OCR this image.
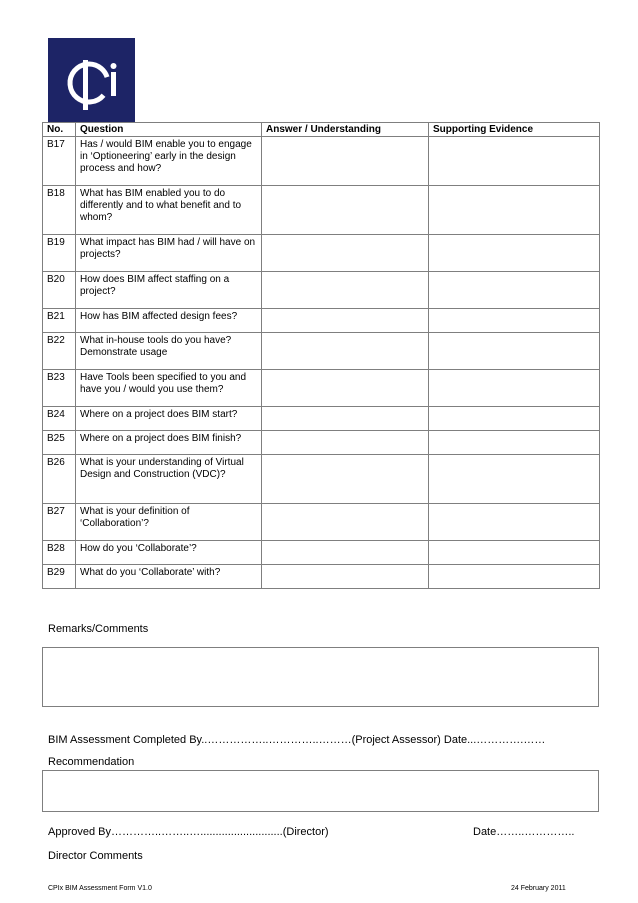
No.	Question	Answer / Understanding	Supporting Evidence
B17	Has / would BIM enable you to engage in ‘Optioneering’ early in the design process and how?		
B18	What has BIM enabled you to do differently and to what benefit and to whom?		
B19	What impact has BIM had / will have on projects?		
B20	How does BIM affect staffing on a project?		
B21	How has BIM affected design fees?		
B22	What in-house tools do you have? Demonstrate usage		
B23	Have Tools been specified to you and have you / would you use them?		
B24	Where on a project does BIM start?		
B25	Where on a project does BIM finish?		
B26	What is your understanding of Virtual Design and Construction (VDC)?		
B27	What is your definition of ‘Collaboration’?		
B28	How do you ‘Collaborate’?		
B29	What do you ‘Collaborate’ with?		
Remarks/Comments
BIM Assessment Completed By..……………..…………..………(Project Assessor) Date...………….……
Recommendation
Approved By…………..……..…...........................(Director)	Date……..…………..
Director Comments
CPIx BIM Assessment Form V1.0	24 February 2011
